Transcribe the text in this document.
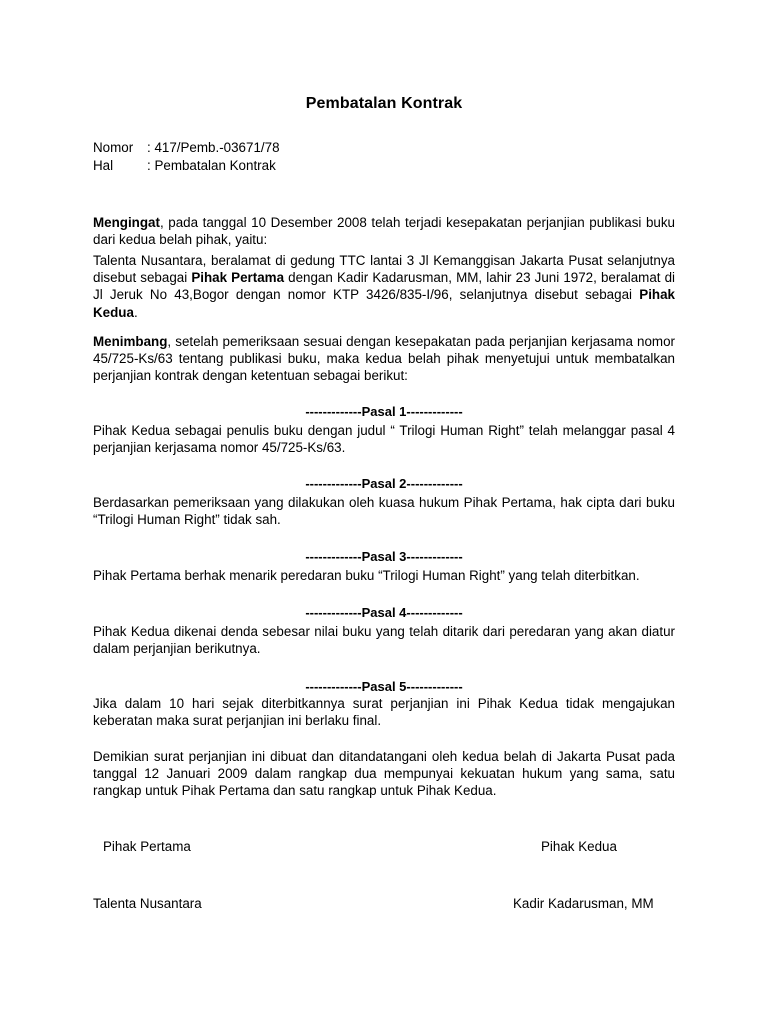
Pembatalan Kontrak
Nomor : 417/Pemb.-03671/78
Hal	: Pembatalan Kontrak

Mengingat, pada tanggal 10 Desember 2008 telah terjadi kesepakatan perjanjian publikasi buku dari kedua belah pihak, yaitu:

Talenta Nusantara, beralamat di gedung TTC lantai 3 Jl Kemanggisan Jakarta Pusat selanjutnya disebut sebagai Pihak Pertama dengan Kadir Kadarusman, MM, lahir 23 Juni 1972, beralamat di Jl Jeruk No 43,Bogor dengan nomor KTP 3426/835-I/96, selanjutnya disebut sebagai Pihak Kedua.

Menimbang, setelah pemeriksaan sesuai dengan kesepakatan pada perjanjian kerjasama nomor 45/725-Ks/63 tentang publikasi buku, maka kedua belah pihak menyetujui untuk membatalkan perjanjian kontrak dengan ketentuan sebagai berikut:

-------------Pasal 1-------------

Pihak Kedua sebagai penulis buku dengan judul “ Trilogi Human Right” telah melanggar pasal 4 perjanjian kerjasama nomor 45/725-Ks/63.

-------------Pasal 2-------------

Berdasarkan pemeriksaan yang dilakukan oleh kuasa hukum Pihak Pertama, hak cipta dari buku “Trilogi Human Right” tidak sah.

-------------Pasal 3-------------

Pihak Pertama berhak menarik peredaran buku “Trilogi Human Right” yang telah diterbitkan.

-------------Pasal 4-------------

Pihak Kedua dikenai denda sebesar nilai buku yang telah ditarik dari peredaran yang akan diatur dalam perjanjian berikutnya.

-------------Pasal 5-------------

Jika dalam 10 hari sejak diterbitkannya surat perjanjian ini Pihak Kedua tidak mengajukan keberatan maka surat perjanjian ini berlaku final.

Demikian surat perjanjian ini dibuat dan ditandatangani oleh kedua belah di Jakarta Pusat pada tanggal 12 Januari 2009 dalam rangkap dua mempunyai kekuatan hukum yang sama, satu rangkap untuk Pihak Pertama dan satu rangkap untuk Pihak Kedua.

Pihak Pertama	Pihak Kedua
Talenta Nusantara	Kadir Kadarusman, MM
